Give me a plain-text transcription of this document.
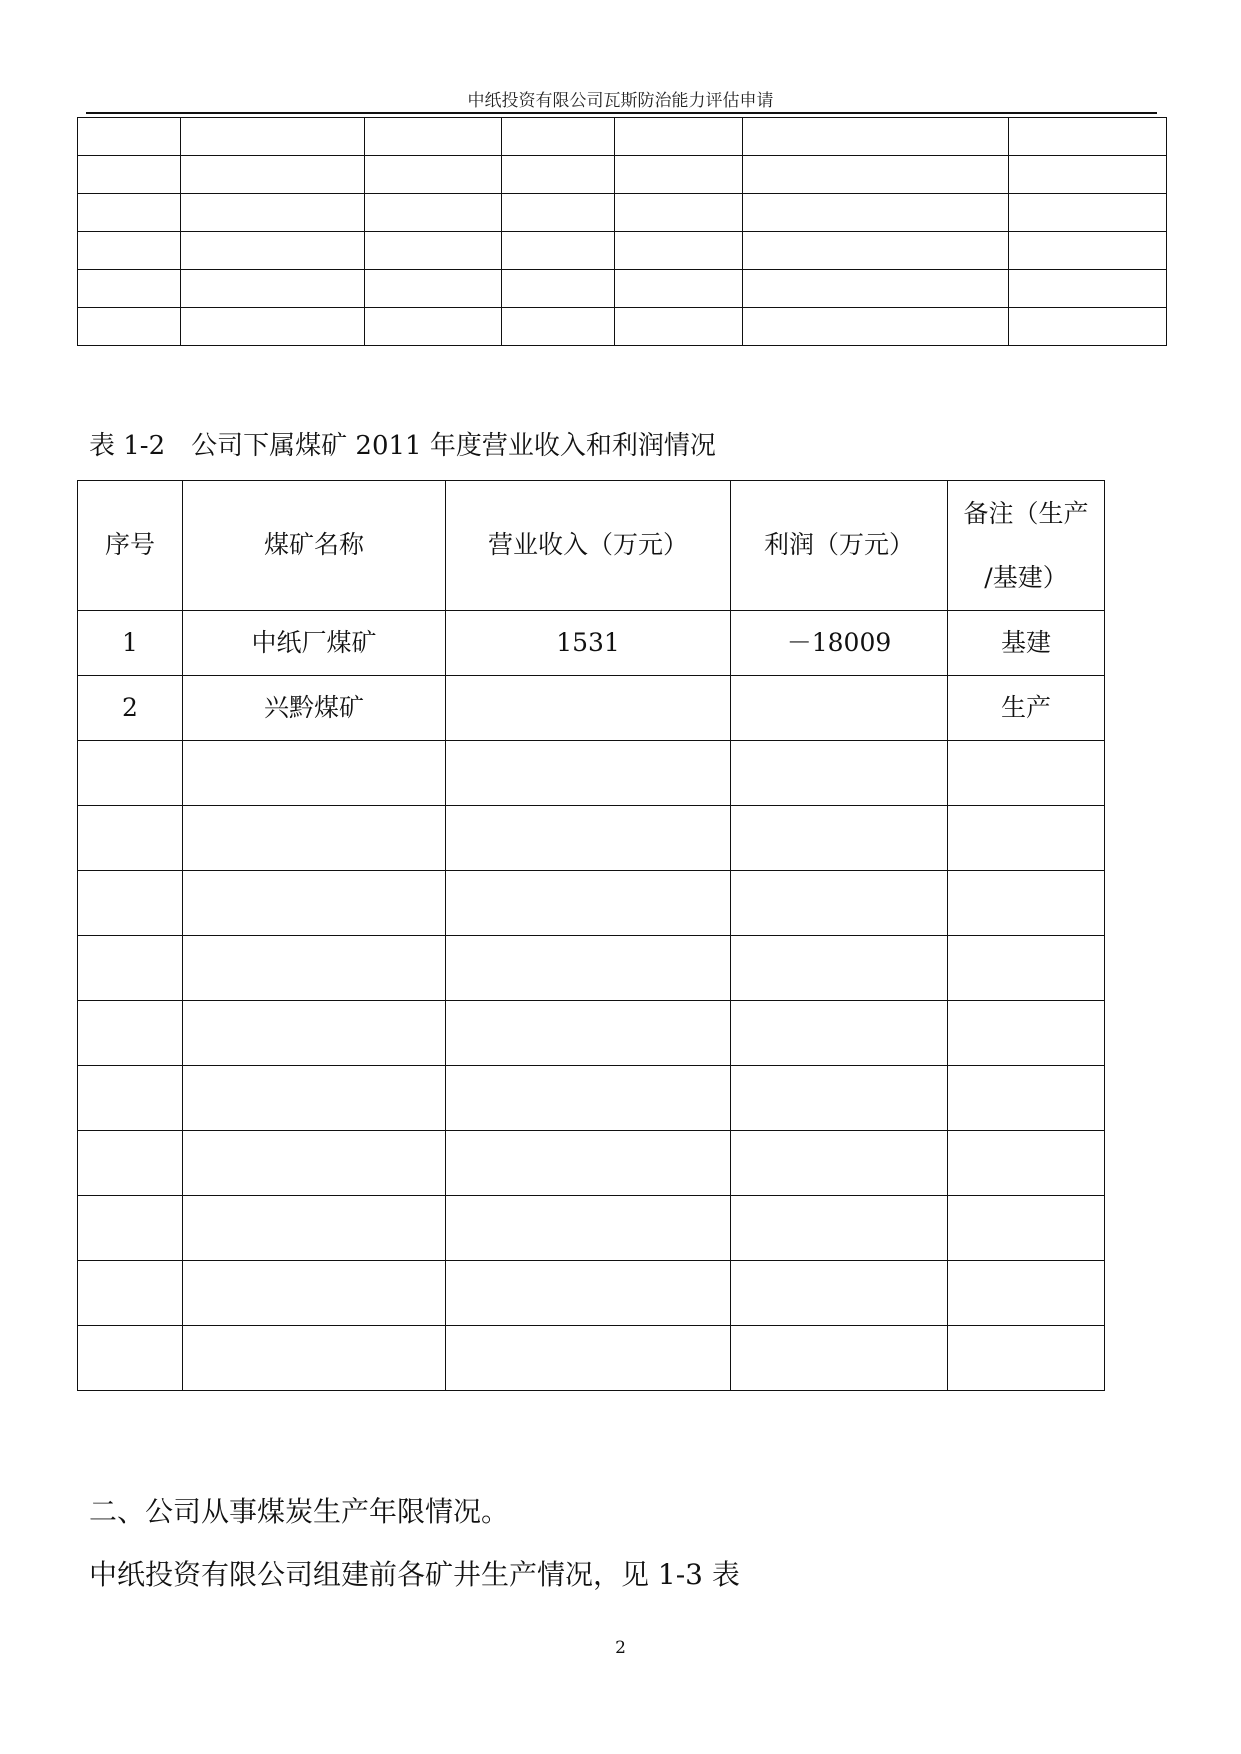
中纸投资有限公司瓦斯防治能力评估申请

表 1-2　公司下属煤矿 2011 年度营业收入和利润情况
序号	煤矿名称	营业收入（万元）	利润（万元）	备注（生产
/基建）

1	中纸厂煤矿	1531	－18009	基建
2	兴黔煤矿			生产

二、公司从事煤炭生产年限情况。
中纸投资有限公司组建前各矿井生产情况，见 1-3 表
2
